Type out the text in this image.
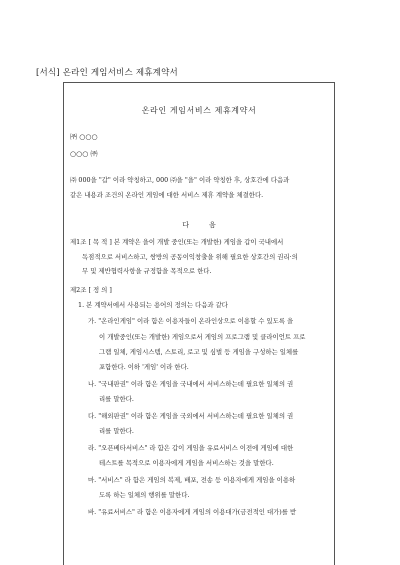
[서식] 온라인 게임서비스 제휴계약서
온라인 게임서비스 제휴계약서
㈜ ○○○
○○○ ㈜
㈜ 000을 "갑" 이라 약칭하고, 000 ㈜을 "을" 이라 약칭한 후, 상호간에 다음과
같은 내용과 조건의 온라인 게임에 대한 서비스 제휴 계약을 체결한다.
다	음
제1조 [ 목 적 ] 본 계약은 을이 개발 중인(또는 개발한) 게임을 갑이 국내에서
독점적으로 서비스하고, 쌍방의 공동이익창출을 위해 필요한 상호간의 권리·의
무 및 제반협력사항을 규정함을 목적으로 한다.
제2조 [ 정 의 ]
1. 본 계약서에서 사용되는 용어의 정의는 다음과 같다
가. "온라인게임" 이라 함은 이용자들이 온라인상으로 이용할 수 있도록 을
이 개발중인(또는 개발한) 게임으로서 게임의 프로그램 및 클라이언트 프로
그램 일체, 게임시스템, 스토리, 로고 및 심벌 등 게임을 구성하는 일체를
포함한다. 이하 '게임' 이라 한다.
나. "국내판권" 이라 함은 게임을 국내에서 서비스하는데 필요한 일체의 권
리를 말한다.
다. "해외판권" 이라 함은 게임을 국외에서 서비스하는데 필요한 일체의 권
리를 말한다.
라. "오픈베타서비스" 라 함은 갑이 게임을 유료서비스 이전에 게임에 대한
테스트를 목적으로 이용자에게 게임을 서비스하는 것을 말한다.
마. "서비스" 라 함은 게임의 복제, 배포, 전송 등 이용자에게 게임을 이용하
도록 하는 일체의 행위를 말한다.
바. "유료서비스" 라 함은 이용자에게 게임의 이용대가(금전적인 대가)를 받
